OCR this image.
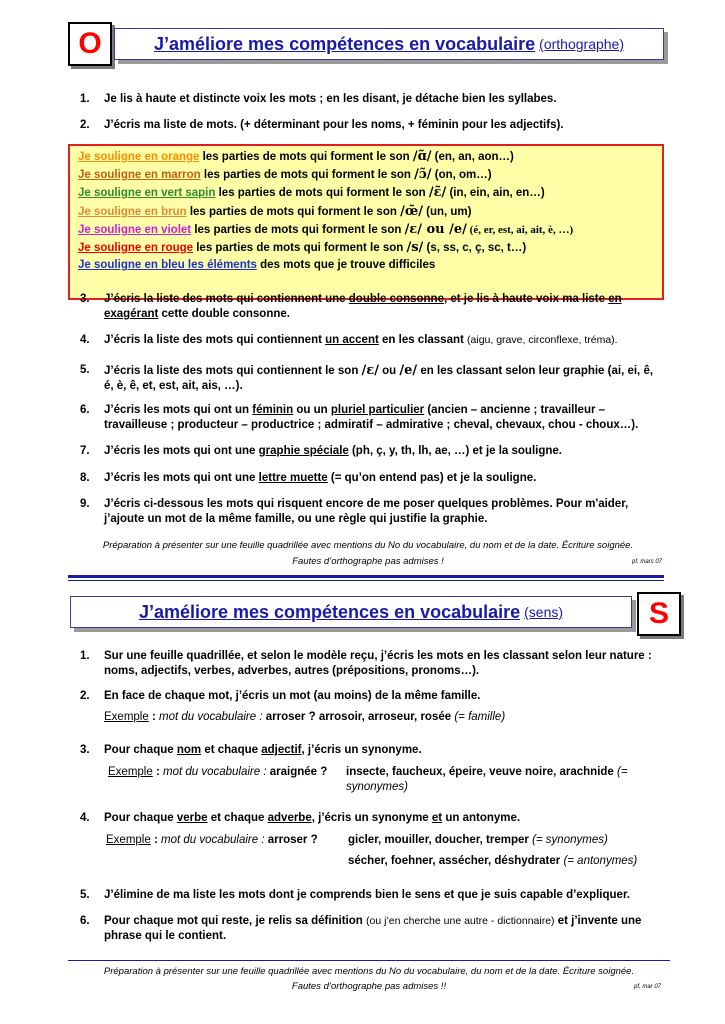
O	J’améliore mes compétences en vocabulaire (orthographe)
1.	Je lis à haute et distincte voix les mots ; en les disant, je détache bien les syllabes.
2.	J’écris ma liste de mots. (+ déterminant pour les noms, + féminin pour les adjectifs).
Je souligne en orange les parties de mots qui forment le son /ɑ̃/ (en, an, aon…)
Je souligne en marron les parties de mots qui forment le son /ɔ̃/ (on, om…)
Je souligne en vert sapin les parties de mots qui forment le son /ɛ̃/ (in, ein, ain, en…)
Je souligne en brun les parties de mots qui forment le son /œ̃/ (un, um)
Je souligne en violet les parties de mots qui forment le son /ɛ/ ou /e/ (é, er, est, ai, ait, è, …)
Je souligne en rouge les parties de mots qui forment le son /s/ (s, ss, c, ç, sc, t…)
Je souligne en bleu les éléments des mots que je trouve difficiles
3.	J’écris la liste des mots qui contiennent une double consonne, et je lis à haute voix ma liste en exagérant cette double consonne.
4.	J’écris la liste des mots qui contiennent un accent en les classant (aigu, grave, circonflexe, tréma).
5.	J’écris la liste des mots qui contiennent le son /ɛ/ ou /e/ en les classant selon leur graphie (ai, ei, ê, é, è, ê, et, est, ait, ais, …).
6.	J’écris les mots qui ont un féminin ou un pluriel particulier (ancien – ancienne ; travailleur – travailleuse ; producteur – productrice ; admiratif – admirative ; cheval, chevaux, chou - choux…).
7.	J’écris les mots qui ont une graphie spéciale (ph, ç, y, th, lh, ae, …) et je la souligne.
8.	J’écris les mots qui ont une lettre muette (= qu’on entend pas) et je la souligne.
9.	J’écris ci-dessous les mots qui risquent encore de me poser quelques problèmes. Pour m'aider, j’ajoute un mot de la même famille, ou une règle qui justifie la graphie.
Préparation à présenter sur une feuille quadrillée avec mentions du No du vocabulaire, du nom et de la date. Écriture soignée.
Fautes d’orthographe pas admises !	pf, mars 07
J’améliore mes compétences en vocabulaire (sens)	S
1.	Sur une feuille quadrillée, et selon le modèle reçu, j’écris les mots en les classant selon leur nature : noms, adjectifs, verbes, adverbes, autres (prépositions, pronoms…).
2.	En face de chaque mot, j’écris un mot (au moins) de la même famille.
Exemple : mot du vocabulaire : arroser ? arrosoir, arroseur, rosée (= famille)
3.	Pour chaque nom et chaque adjectif, j’écris un synonyme.
Exemple : mot du vocabulaire : araignée ? insecte, faucheux, épeire, veuve noire, arachnide (= synonymes)
4.	Pour chaque verbe et chaque adverbe, j’écris un synonyme et un antonyme.
Exemple : mot du vocabulaire : arroser ?	gicler, mouiller, doucher, tremper (= synonymes)
sécher, foehner, assécher, déshydrater (= antonymes)
5.	J’élimine de ma liste les mots dont je comprends bien le sens et que je suis capable d’expliquer.
6.	Pour chaque mot qui reste, je relis sa définition (ou j’en cherche une autre - dictionnaire) et j’invente une phrase qui le contient.
Préparation à présenter sur une feuille quadrillée avec mentions du No du vocabulaire, du nom et de la date. Écriture soignée.
Fautes d’orthographe pas admises !!	pf, mar 07
